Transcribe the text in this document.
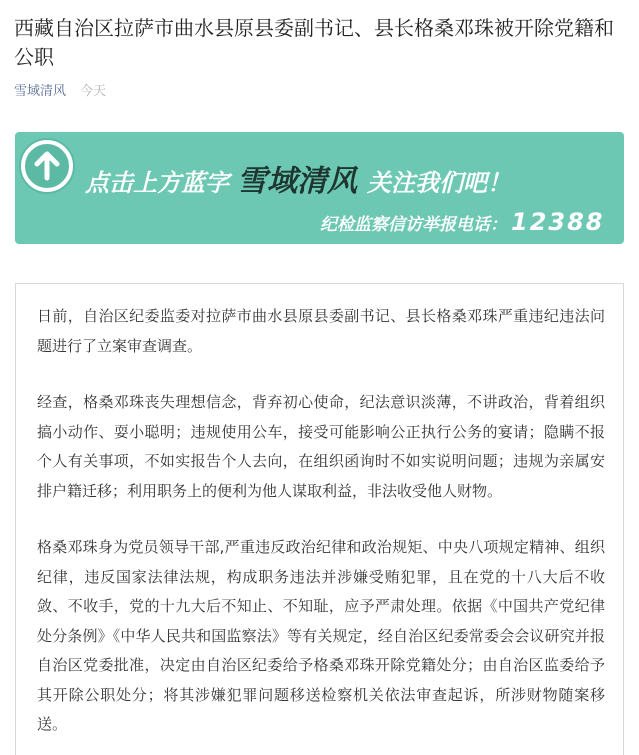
西藏自治区拉萨市曲水县原县委副书记、县长格桑邓珠被开除党籍和公职
雪域清风 今天
点击上方蓝字 雪域清风 关注我们吧！
纪检监察信访举报电话： 12388

日前，自治区纪委监委对拉萨市曲水县原县委副书记、县长格桑邓珠严重违纪违法问题进行了立案审查调查。

经查，格桑邓珠丧失理想信念，背弃初心使命，纪法意识淡薄，不讲政治，背着组织搞小动作、耍小聪明；违规使用公车，接受可能影响公正执行公务的宴请；隐瞒不报个人有关事项，不如实报告个人去向，在组织函询时不如实说明问题；违规为亲属安排户籍迁移；利用职务上的便利为他人谋取利益，非法收受他人财物。

格桑邓珠身为党员领导干部,严重违反政治纪律和政治规矩、中央八项规定精神、组织纪律，违反国家法律法规，构成职务违法并涉嫌受贿犯罪，且在党的十八大后不收敛、不收手，党的十九大后不知止、不知耻，应予严肃处理。依据《中国共产党纪律处分条例》《中华人民共和国监察法》等有关规定，经自治区纪委常委会会议研究并报自治区党委批准，决定由自治区纪委给予格桑邓珠开除党籍处分；由自治区监委给予其开除公职处分；将其涉嫌犯罪问题移送检察机关依法审查起诉，所涉财物随案移送。
